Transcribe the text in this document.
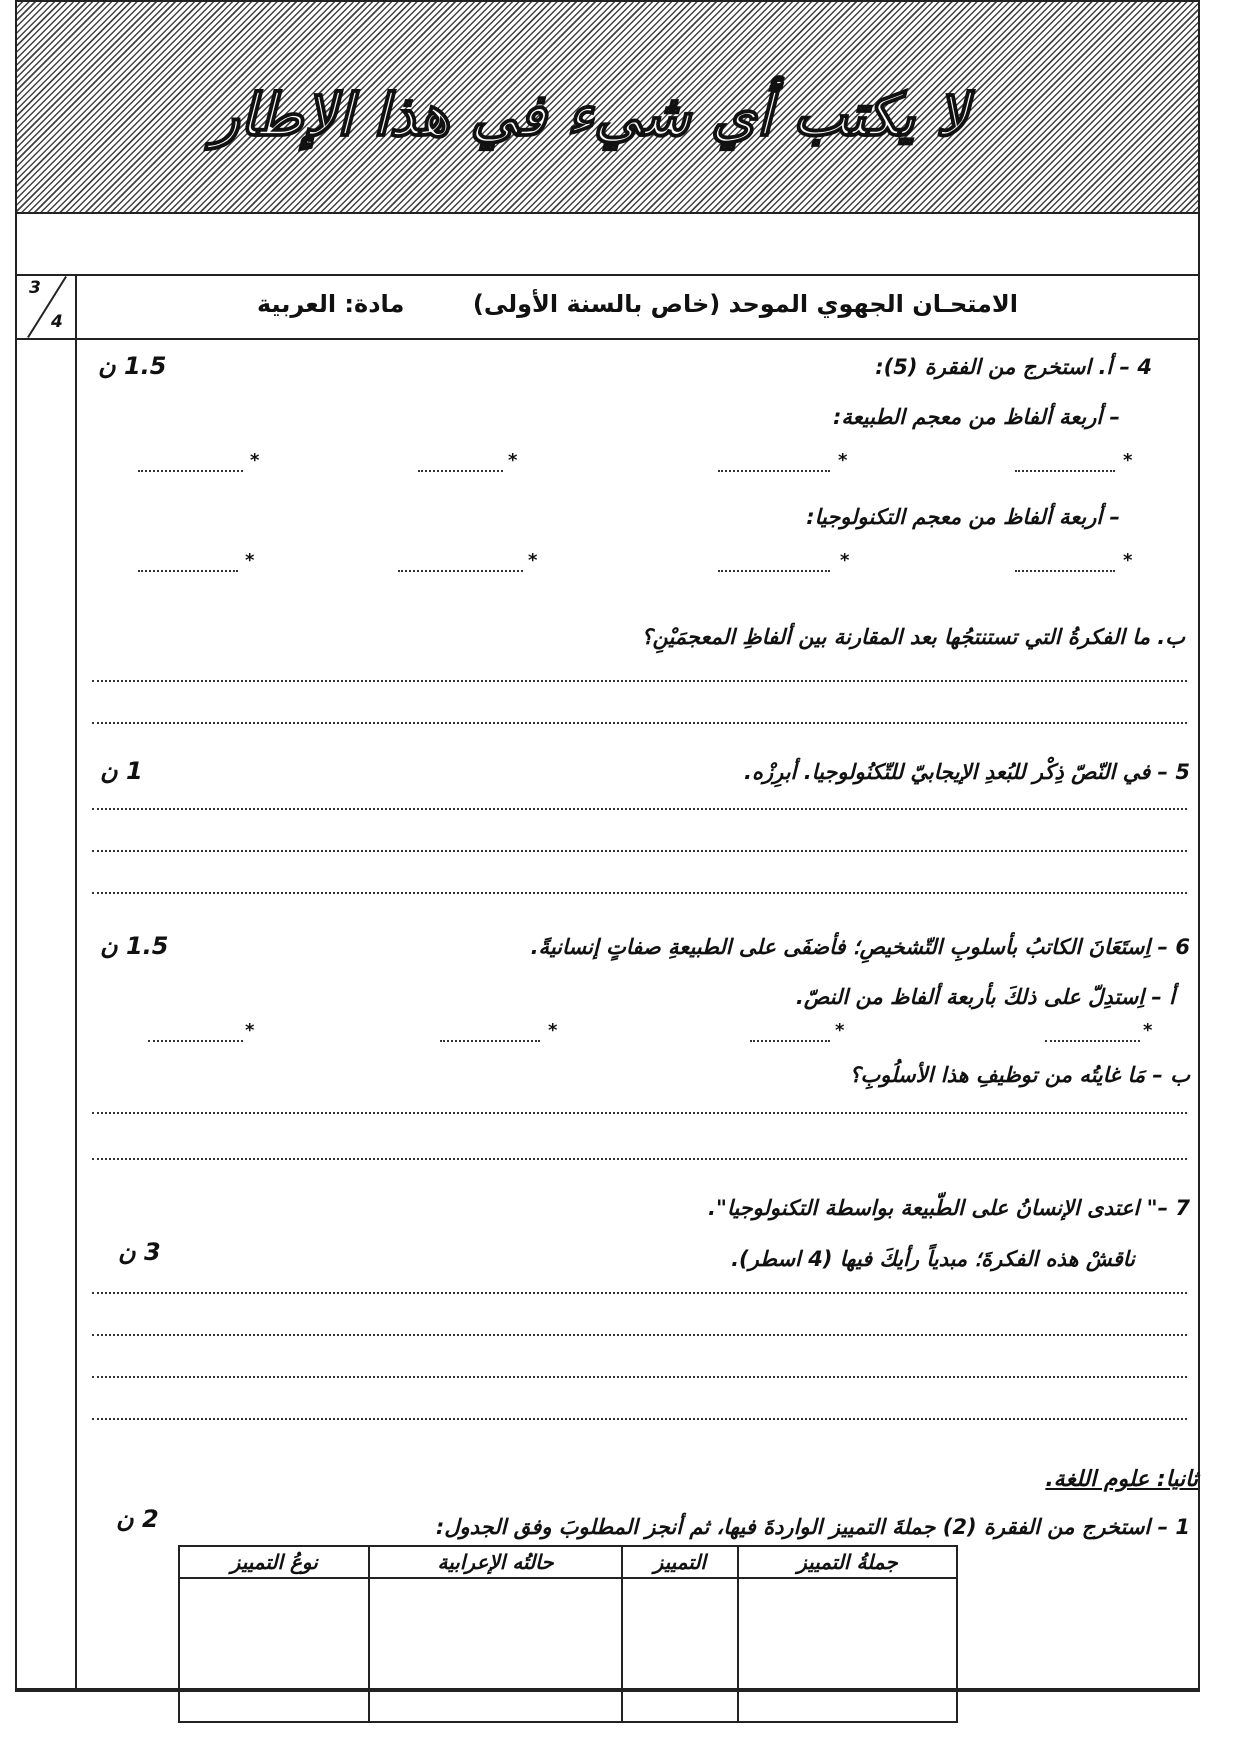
لا يكتب أي شيء في هذا الإطار
3
4
الامتحـان الجهوي الموحد (خاص بالسنة الأولى)
مادة: العربية
4 – أ. استخرج من الفقرة (5):
1.5 ن
– أربعة ألفاظ من معجم الطبيعة:
*
*
*
*
– أربعة ألفاظ من معجم التكنولوجيا:
*
*
*
*
ب. ما الفكرةُ التي تستنتجُها بعد المقارنة بين ألفاظِ المعجمَيْنِ؟
5 – في النّصّ ذِكْر للبُعدِ الإيجابيّ للتّكنُولوجيا. أبرِزْه.
1 ن
6 – اِستَعَانَ الكاتبُ بأسلوبِ التّشخيصِ؛ فأضفَى على الطبيعةِ صفاتٍ إنسانيةً.
1.5 ن
أ – اِستدِلّ على ذلكَ بأربعة ألفاظ من النصّ.
*
*
*
*
ب – مَا غايتُه من توظيفِ هذا الأسلُوبِ؟
7 –" اعتدى الإنسانُ على الطّبيعة بواسطة التكنولوجيا".
ناقشْ هذه الفكرةَ؛ مبدياً رأيكَ فيها (4 اسطر).
3 ن
ثانيا: علوم اللغة.
2 ن	1 – استخرج من الفقرة (2) جملةَ التمييز الواردةَ فيها، ثم أنجز المطلوبَ وفق الجدول:
جملةُ التمييز	التمييز	حالتُه الإعرابية	نوعُ التمييز
